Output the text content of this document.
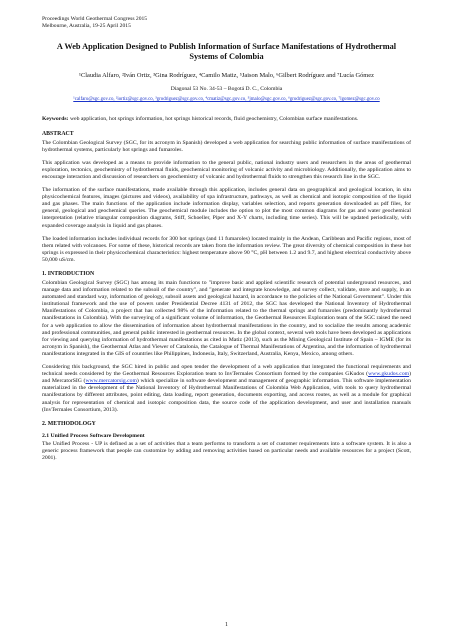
Proceedings World Geothermal Congress 2015
Melbourne, Australia, 19-25 April 2015
A Web Application Designed to Publish Information of Surface Manifestations of Hydrothermal Systems of Colombia
¹Claudia Alfaro, ²Iván Ortiz, ³Gina Rodríguez, ⁴Camilo Matiz, ⁵Jaison Malo, ⁶Gilbert Rodríguez and ⁷Lucía Gómez
Diagonal 53 No. 34-53 – Bogotá D. C., Colombia
¹calfaro@sgc.gov.co, ²iortiz@sgc.gov.co, ³grodriguez@sgc.gov.co, ⁴cmatiz@sgc.gov.co, ⁵jmalo@sgc.gov.co, ⁶grodriguez@sgc.gov.co, ⁷lgomez@sgc.gov.co
Keywords: web application, hot springs information, hot springs historical records, fluid geochemistry, Colombian surface manifestations.
ABSTRACT

The Colombian Geological Survey (SGC, for its acronym in Spanish) developed a web application for searching public information of surface manifestations of hydrothermal systems, particularly hot springs and fumaroles.

This application was developed as a means to provide information to the general public, national industry users and researchers in the areas of geothermal exploration, tectonics, geochemistry of hydrothermal fluids, geochemical monitoring of volcanic activity and microbiology. Additionally, the application aims to encourage interaction and discussion of researchers on geochemistry of volcanic and hydrothermal fluids to strengthen this research line in the SGC.

The information of the surface manifestations, made available through this application, includes general data on geographical and geological location, in situ physicochemical features, images (pictures and videos), availability of spa infrastructure, pathways, as well as chemical and isotopic composition of the liquid and gas phases. The main functions of the application include information display, variables selection, and reports generation downloaded as pdf files, for general, geological and geochemical queries. The geochemical module includes the option to plot the most common diagrams for gas and water geochemical interpretation (relative triangular composition diagrams, Stiff, Schoeller, Piper and X-Y charts, including time series). This will be updated periodically, with expanded coverage analysis in liquid and gas phases.

The loaded information includes individual records for 300 hot springs (and 11 fumaroles) located mainly in the Andean, Caribbean and Pacific regions, most of them related with volcanoes. For some of these, historical records are taken from the information review. The great diversity of chemical composition in these hot springs is expressed in their physicochemical characteristics: highest temperature above 90 °C, pH between 1.2 and 9.7, and highest electrical conductivity above 50,000 uS/cm.

1. INTRODUCTION

Colombian Geological Survey (SGC) has among its main functions to "improve basic and applied scientific research of potential underground resources, and manage data and information related to the subsoil of the country", and "generate and integrate knowledge, and survey collect, validate, store and supply, in an automated and standard way, information of geology, subsoil assets and geological hazard, in accordance to the policies of the National Government". Under this institutional framework and the use of powers under Presidential Decree 4131 of 2012, the SGC has developed the National Inventory of Hydrothermal Manifestations of Colombia, a project that has collected 98% of the information related to the thermal springs and fumaroles (predominantly hydrothermal manifestations in Colombia). With the surveying of a significant volume of information, the Geothermal Resources Exploration team of the SGC raised the need for a web application to allow the dissemination of information about hydrothermal manifestations in the country, and to socialize the results among academic and professional communities, and general public interested in geothermal resources. In the global context, several web tools have been developed as applications for viewing and querying information of hydrothermal manifestations as cited in Matiz (2013), such as the Mining Geological Institute of Spain – IGME (for its acronym in Spanish), the Geothermal Atlas and Viewer of Catalonia, the Catalogue of Thermal Manifestations of Argentina, and the information of hydrothermal manifestations integrated in the GIS of countries like Philippines, Indonesia, Italy, Switzerland, Australia, Kenya, Mexico, among others.

Considering this background, the SGC hired in public and open tender the development of a web application that integrated the functional requirements and technical needs considered by the Geothermal Resources Exploration team to InvTermales Consortium formed by the companies GKudos (www.gkudos.com) and MercatorSIG (www.mercatorsig.com) which specialize in software development and management of geographic information. This software implementation materialized in the development of the National Inventory of Hydrothermal Manifestations of Colombia Web Application, with tools to query hydrothermal manifestations by different attributes, point editing, data loading, report generation, documents exporting, and access routes, as well as a module for graphical analysis for representation of chemical and isotopic composition data, the source code of the application development, and user and installation manuals (InvTermales Consortium, 2013).

2. METHODOLOGY
2.1 Unified Process Software Development

The Unified Process - UP is defined as a set of activities that a team performs to transform a set of customer requirements into a software system. It is also a generic process framework that people can customize by adding and removing activities based on particular needs and available resources for a project (Scott, 2001).

1
